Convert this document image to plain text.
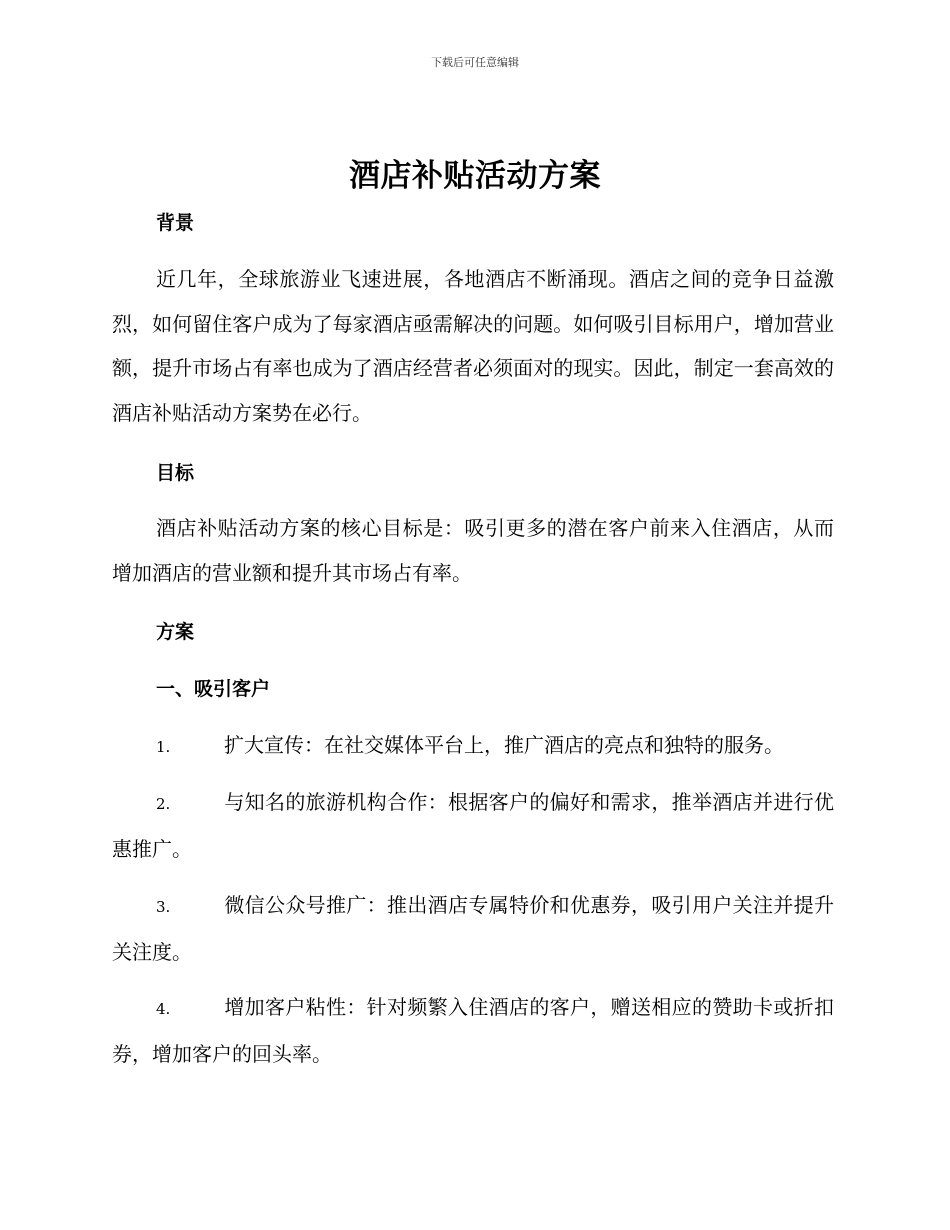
下载后可任意编辑
酒店补贴活动方案
背景
近几年，全球旅游业飞速进展，各地酒店不断涌现。酒店之间的竞争日益激烈，如何留住客户成为了每家酒店亟需解决的问题。如何吸引目标用户，增加营业额，提升市场占有率也成为了酒店经营者必须面对的现实。因此，制定一套高效的酒店补贴活动方案势在必行。
目标
酒店补贴活动方案的核心目标是：吸引更多的潜在客户前来入住酒店，从而增加酒店的营业额和提升其市场占有率。
方案
一、吸引客户
1.	扩大宣传：在社交媒体平台上，推广酒店的亮点和独特的服务。
2.	与知名的旅游机构合作：根据客户的偏好和需求，推举酒店并进行优惠推广。
3.	微信公众号推广：推出酒店专属特价和优惠券，吸引用户关注并提升关注度。
4.	增加客户粘性：针对频繁入住酒店的客户，赠送相应的赞助卡或折扣券，增加客户的回头率。
